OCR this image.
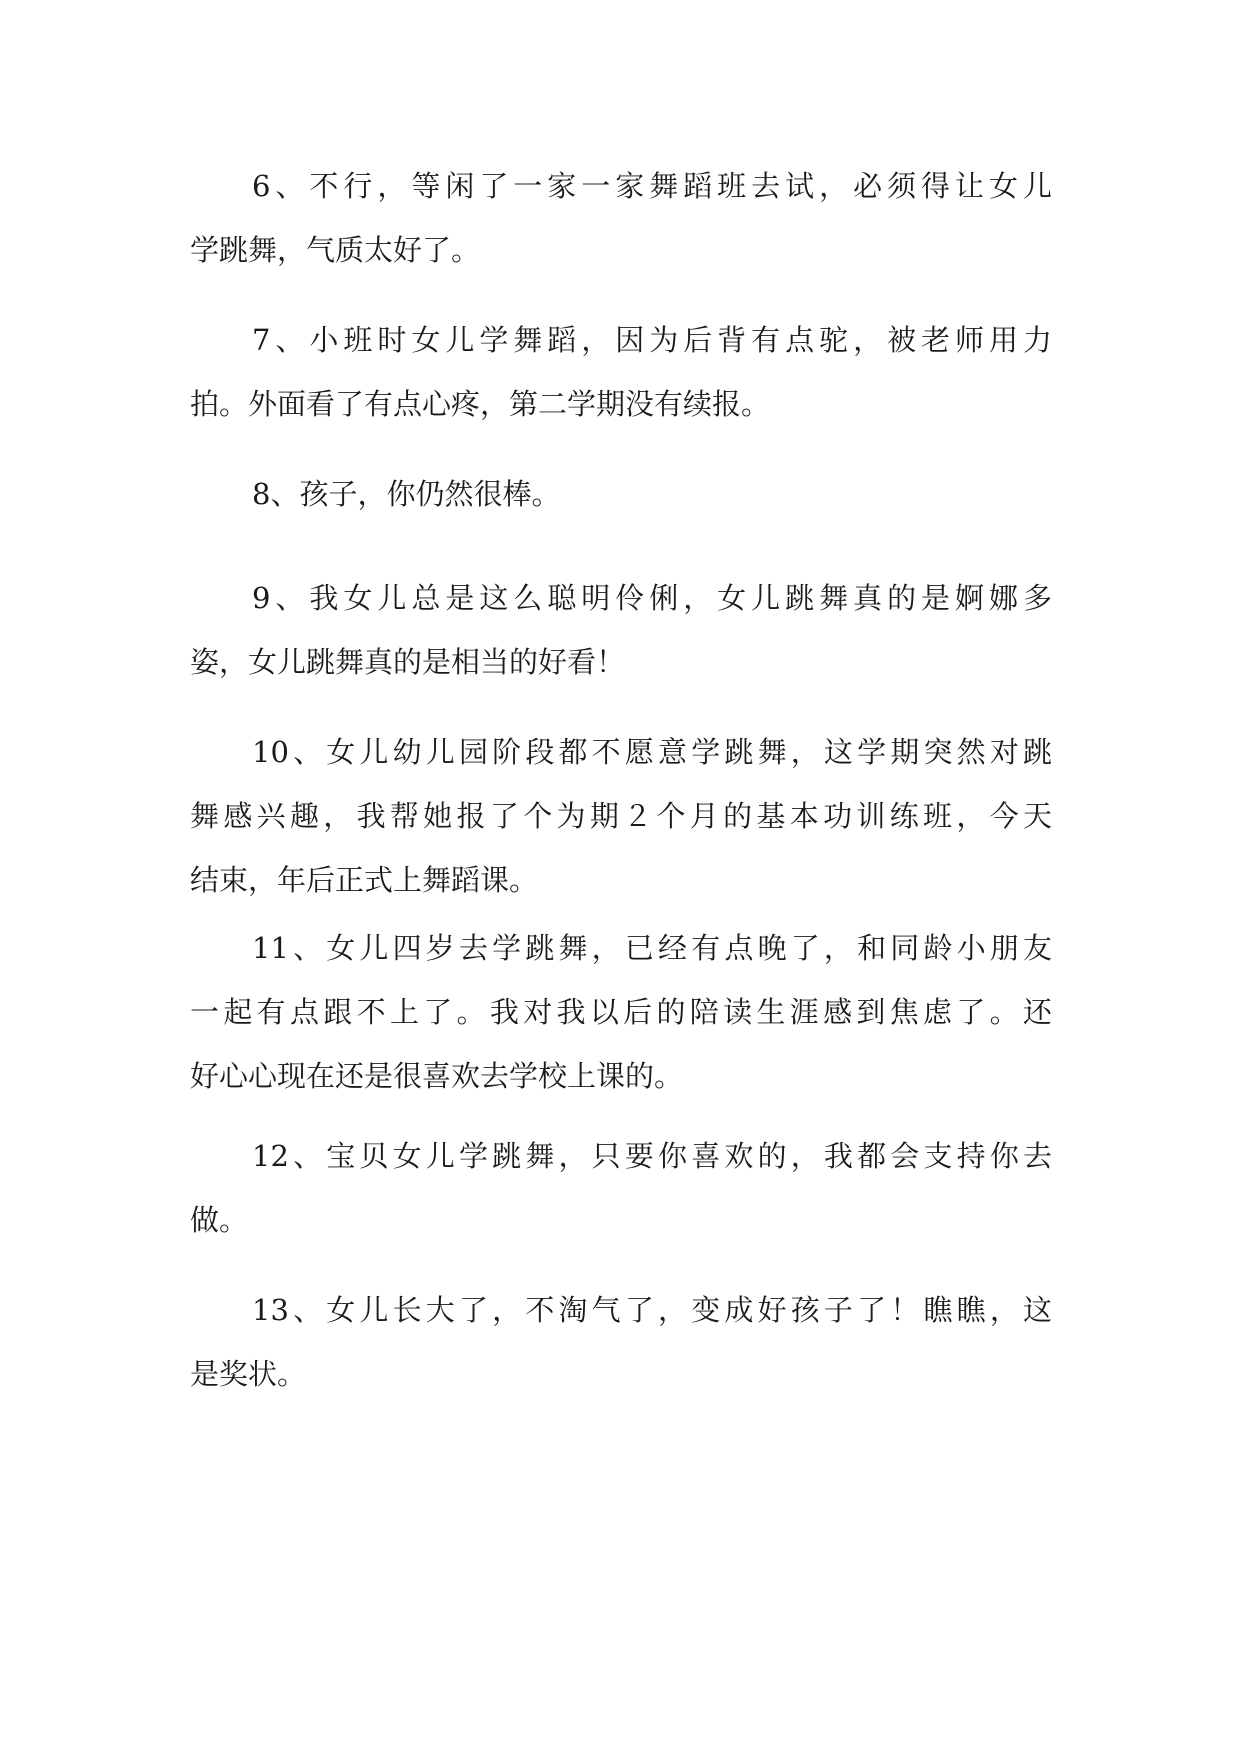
6、不行，等闲了一家一家舞蹈班去试，必须得让女儿
学跳舞，气质太好了。
7、小班时女儿学舞蹈，因为后背有点驼，被老师用力
拍。外面看了有点心疼，第二学期没有续报。
8、孩子，你仍然很棒。
9、我女儿总是这么聪明伶俐，女儿跳舞真的是婀娜多
姿，女儿跳舞真的是相当的好看！
10、女儿幼儿园阶段都不愿意学跳舞，这学期突然对跳
舞感兴趣，我帮她报了个为期２个月的基本功训练班，今天
结束，年后正式上舞蹈课。
11、女儿四岁去学跳舞，已经有点晚了，和同龄小朋友
一起有点跟不上了。我对我以后的陪读生涯感到焦虑了。还
好心心现在还是很喜欢去学校上课的。
12、宝贝女儿学跳舞，只要你喜欢的，我都会支持你去
做。
13、女儿长大了，不淘气了，变成好孩子了！瞧瞧，这
是奖状。
